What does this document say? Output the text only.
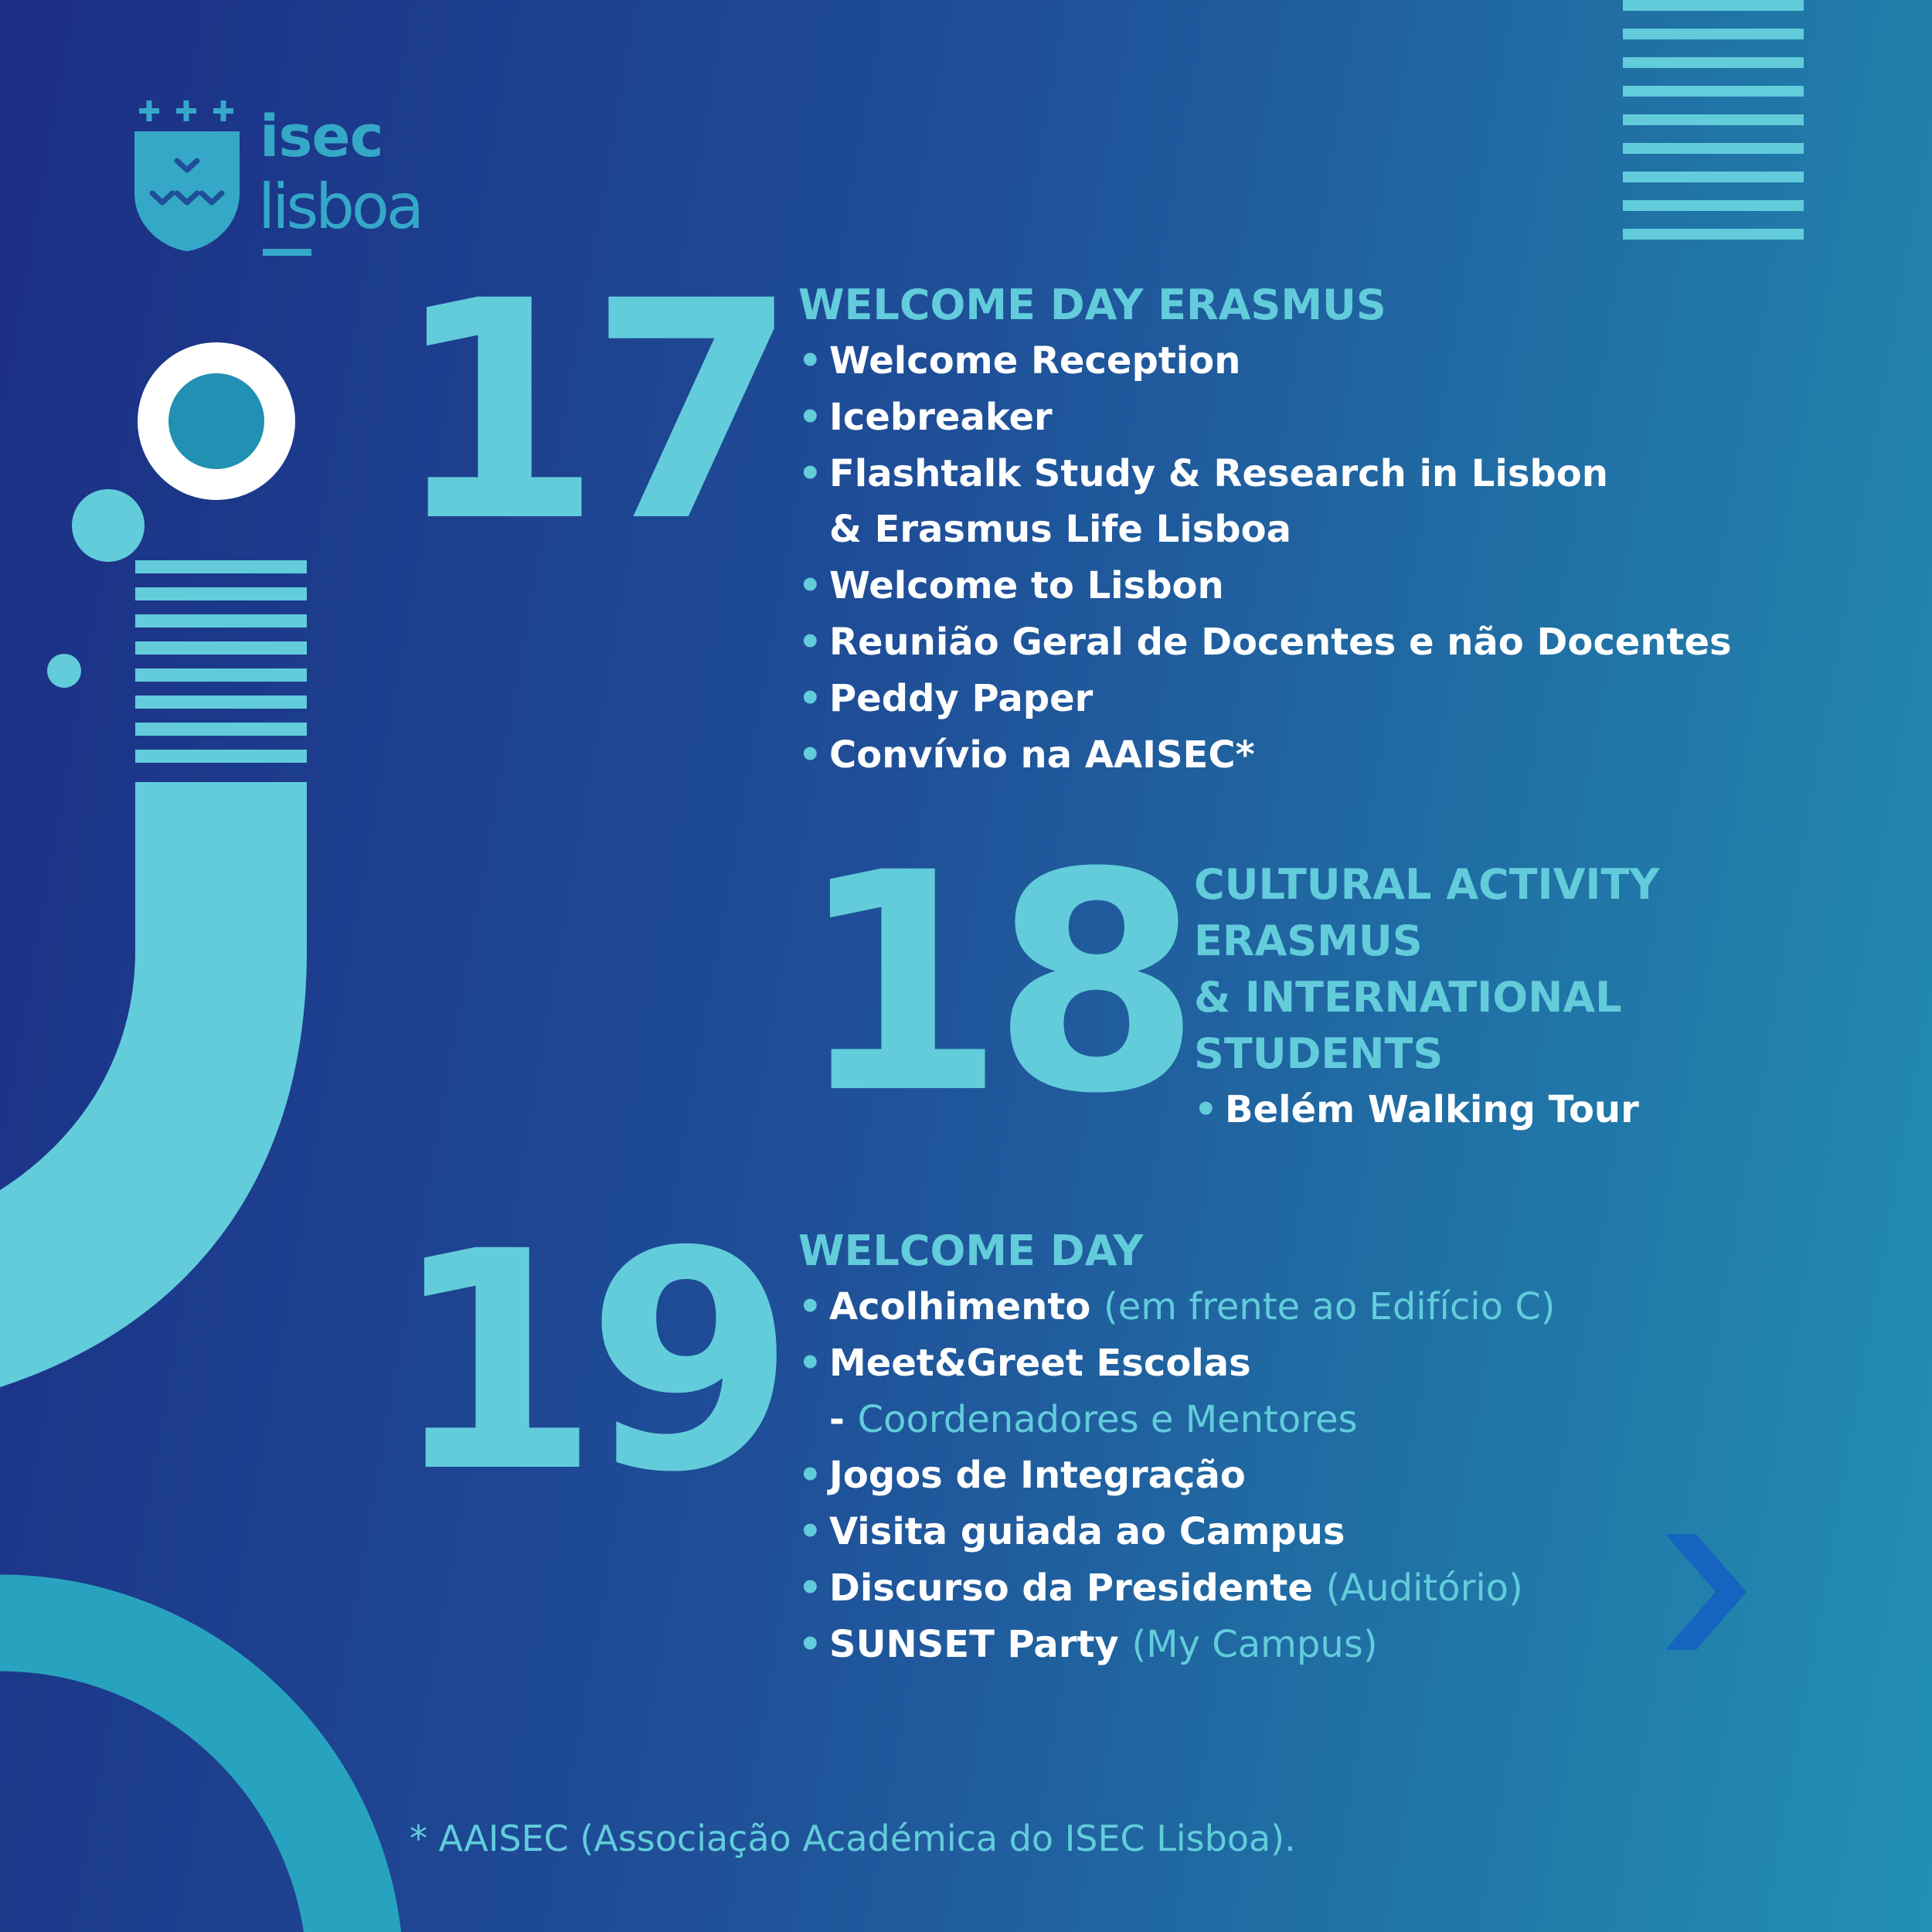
isec
lisboa
17 WELCOME DAY ERASMUS
• Welcome Reception
• Icebreaker
• Flashtalk Study & Research in Lisbon
& Erasmus Life Lisboa
• Welcome to Lisbon
• Reunião Geral de Docentes e não Docentes
• Peddy Paper
• Convívio na AAISEC*
18 CULTURAL ACTIVITY
ERASMUS
& INTERNATIONAL
STUDENTS
• Belém Walking Tour
19 WELCOME DAY
• Acolhimento (em frente ao Edifício C)
• Meet&Greet Escolas
- Coordenadores e Mentores
• Jogos de Integração
• Visita guiada ao Campus
• Discurso da Presidente (Auditório)
• SUNSET Party (My Campus)
* AAISEC (Associação Académica do ISEC Lisboa).
